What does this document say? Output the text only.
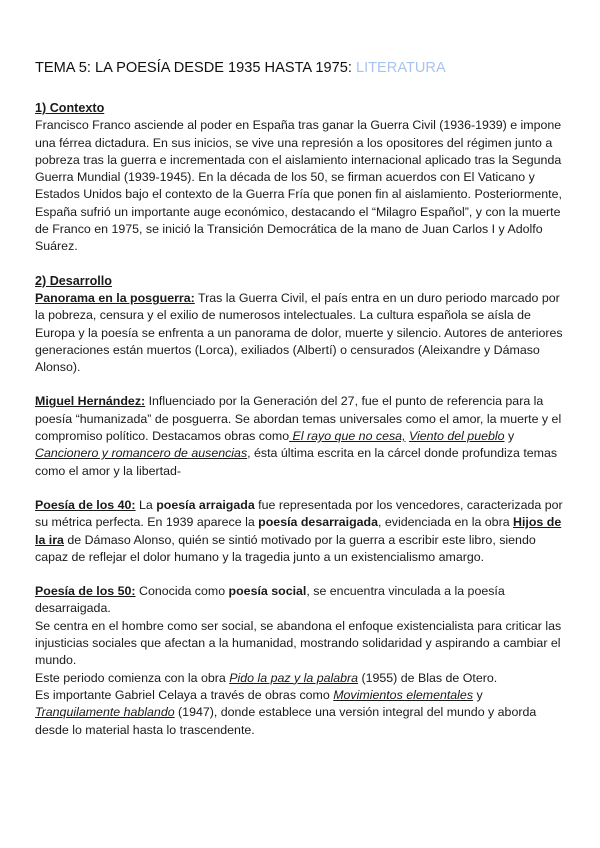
TEMA 5: LA POESÍA DESDE 1935 HASTA 1975: LITERATURA

1) Contexto

Francisco Franco asciende al poder en España tras ganar la Guerra Civil (1936-1939) e impone una férrea dictadura. En sus inicios, se vive una represión a los opositores del régimen junto a pobreza tras la guerra e incrementada con el aislamiento internacional aplicado tras la Segunda Guerra Mundial (1939-1945). En la década de los 50, se firman acuerdos con El Vaticano y Estados Unidos bajo el contexto de la Guerra Fría que ponen fin al aislamiento. Posteriormente, España sufrió un importante auge económico, destacando el “Milagro Español”, y con la muerte de Franco en 1975, se inició la Transición Democrática de la mano de Juan Carlos I y Adolfo Suárez.

2) Desarrollo

Panorama en la posguerra: Tras la Guerra Civil, el país entra en un duro periodo marcado por la pobreza, censura y el exilio de numerosos intelectuales. La cultura española se aísla de Europa y la poesía se enfrenta a un panorama de dolor, muerte y silencio. Autores de anteriores generaciones están muertos (Lorca), exiliados (Albertí) o censurados (Aleixandre y Dámaso Alonso).

Miguel Hernández: Influenciado por la Generación del 27, fue el punto de referencia para la poesía “humanizada” de posguerra. Se abordan temas universales como el amor, la muerte y el compromiso político. Destacamos obras como El rayo que no cesa, Viento del pueblo y Cancionero y romancero de ausencias, ésta última escrita en la cárcel donde profundiza temas como el amor y la libertad-

Poesía de los 40: La poesía arraigada fue representada por los vencedores, caracterizada por su métrica perfecta. En 1939 aparece la poesía desarraigada, evidenciada en la obra Hijos de la ira de Dámaso Alonso, quién se sintió motivado por la guerra a escribir este libro, siendo capaz de reflejar el dolor humano y la tragedia junto a un existencialismo amargo.

Poesía de los 50: Conocida como poesía social, se encuentra vinculada a la poesía desarraigada.

Se centra en el hombre como ser social, se abandona el enfoque existencialista para criticar las injusticias sociales que afectan a la humanidad, mostrando solidaridad y aspirando a cambiar el mundo.

Este periodo comienza con la obra Pido la paz y la palabra (1955) de Blas de Otero.

Es importante Gabriel Celaya a través de obras como Movimientos elementales y Tranquilamente hablando (1947), donde establece una versión integral del mundo y aborda desde lo material hasta lo trascendente.
